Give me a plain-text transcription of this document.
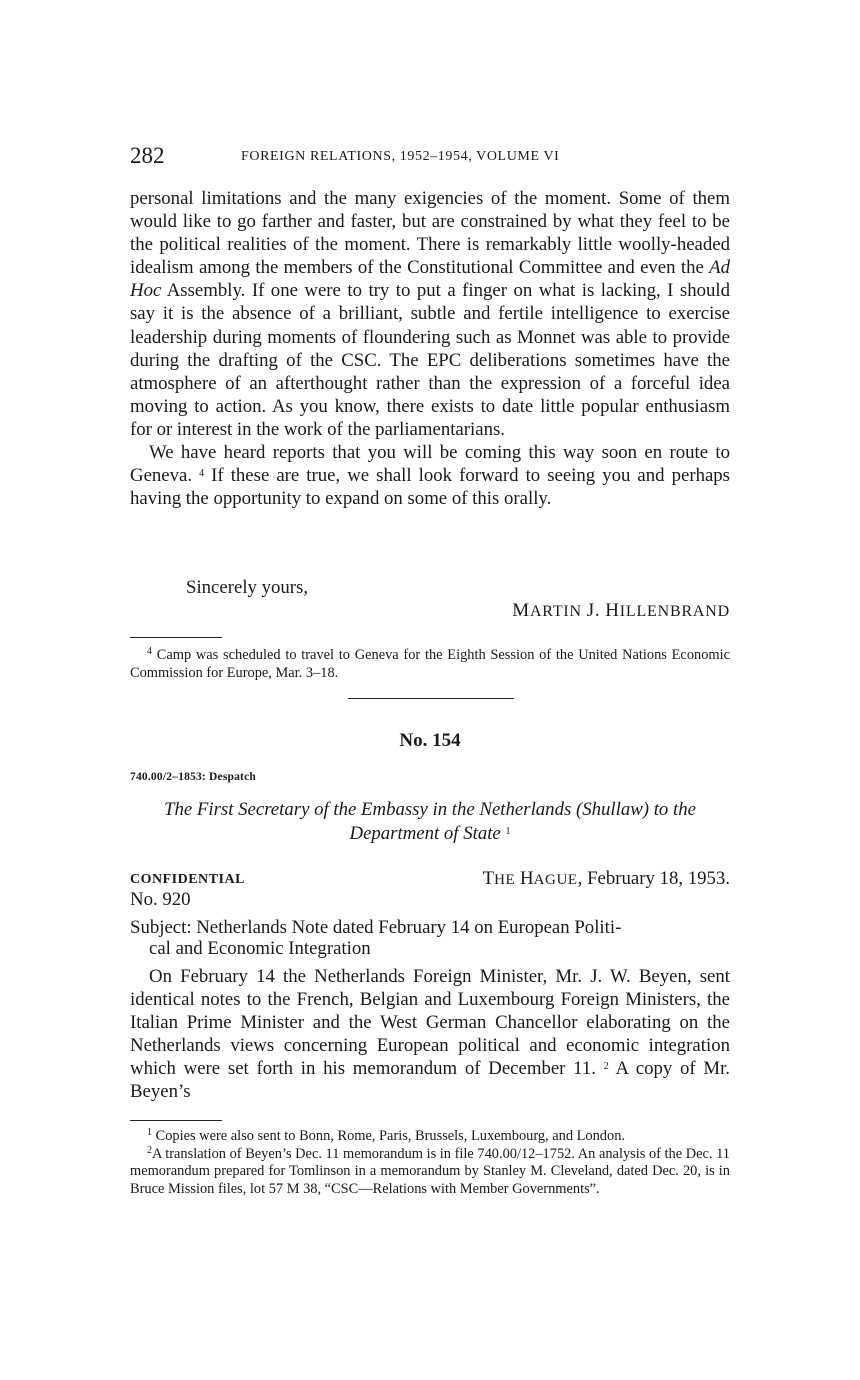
282	FOREIGN RELATIONS, 1952–1954, VOLUME VI

personal limitations and the many exigencies of the moment. Some of them would like to go farther and faster, but are constrained by what they feel to be the political realities of the moment. There is remarkably little woolly-headed idealism among the members of the Constitutional Committee and even the Ad Hoc Assembly. If one were to try to put a finger on what is lacking, I should say it is the absence of a brilliant, subtle and fertile intelligence to exercise leadership during moments of floundering such as Monnet was able to provide during the drafting of the CSC. The EPC deliberations sometimes have the atmosphere of an afterthought rather than the expression of a forceful idea moving to action. As you know, there exists to date little popular enthusiasm for or interest in the work of the parliamentarians.

We have heard reports that you will be coming this way soon en route to Geneva. $^4$ If these are true, we shall look forward to seeing you and perhaps having the opportunity to expand on some of this orally.

Sincerely yours,
MARTIN J. HILLENBRAND

$^4$ Camp was scheduled to travel to Geneva for the Eighth Session of the United Nations Economic Commission for Europe, Mar. 3–18.

No. 154
740.00/2–1853: Despatch
The First Secretary of the Embassy in the Netherlands (Shullaw) to the Department of State $^1$
CONFIDENTIAL	THE HAGUE, February 18, 1953.
No. 920
Subject: Netherlands Note dated February 14 on European Politi-
cal and Economic Integration

On February 14 the Netherlands Foreign Minister, Mr. J. W. Beyen, sent identical notes to the French, Belgian and Luxembourg Foreign Ministers, the Italian Prime Minister and the West German Chancellor elaborating on the Netherlands views concerning European political and economic integration which were set forth in his memorandum of December 11. $^2$ A copy of Mr. Beyen’s

$^1$ Copies were also sent to Bonn, Rome, Paris, Brussels, Luxembourg, and London.

$^2$A translation of Beyen’s Dec. 11 memorandum is in file 740.00/12–1752. An analysis of the Dec. 11 memorandum prepared for Tomlinson in a memorandum by Stanley M. Cleveland, dated Dec. 20, is in Bruce Mission files, lot 57 M 38, “CSC—Relations with Member Governments”.
